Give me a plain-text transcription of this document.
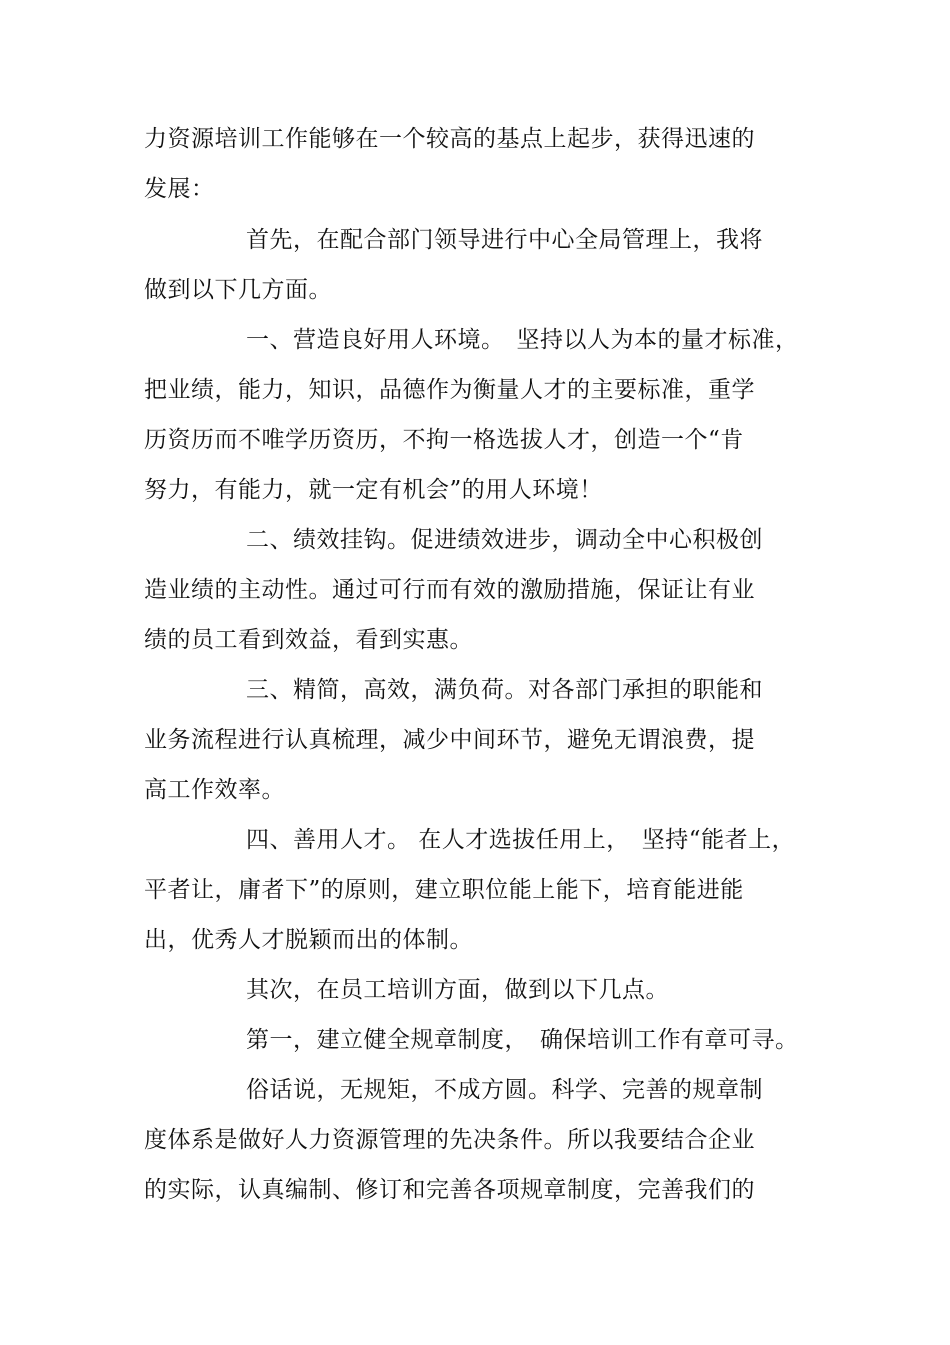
力资源培训工作能够在一个较高的基点上起步，获得迅速的
发展：
首先，在配合部门领导进行中心全局管理上，我将
做到以下几方面。
一、营造良好用人环境。　坚持以人为本的量才标准，
把业绩，能力，知识，品德作为衡量人才的主要标准，重学
历资历而不唯学历资历，不拘一格选拔人才，创造一个“肯
努力，有能力，就一定有机会”的用人环境！
二、绩效挂钩。促进绩效进步，调动全中心积极创
造业绩的主动性。通过可行而有效的激励措施，保证让有业
绩的员工看到效益，看到实惠。
三、精简，高效，满负荷。对各部门承担的职能和
业务流程进行认真梳理，减少中间环节，避免无谓浪费，提
高工作效率。
四、善用人才。 在人才选拔任用上，　坚持“能者上，
平者让，庸者下”的原则，建立职位能上能下，培育能进能
出，优秀人才脱颖而出的体制。
其次，在员工培训方面，做到以下几点。
第一，建立健全规章制度，　确保培训工作有章可寻。
俗话说，无规矩，不成方圆。科学、完善的规章制
度体系是做好人力资源管理的先决条件。所以我要结合企业
的实际，认真编制、修订和完善各项规章制度，完善我们的
